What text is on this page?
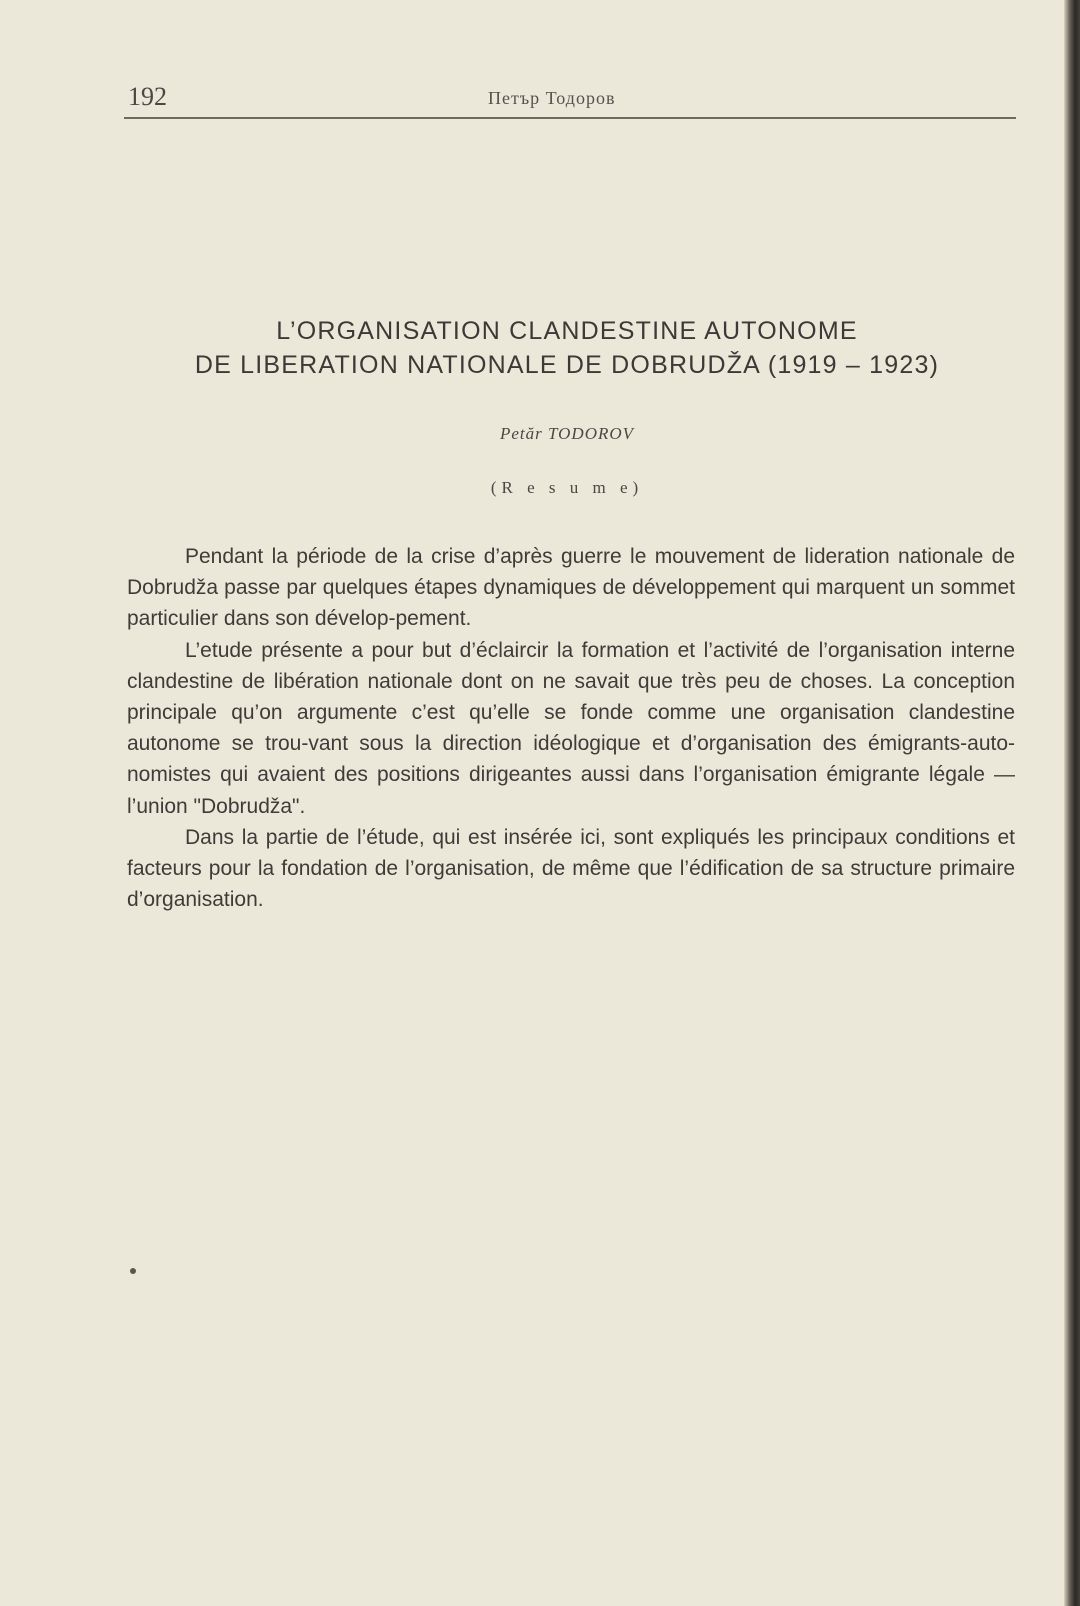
192	Петър Тодоров
L’ORGANISATION CLANDESTINE AUTONOME
DE LIBERATION NATIONALE DE DOBRUDŽA (1919 – 1923)
Petăr TODOROV
(R e s u m e)

Pendant la période de la crise d’après guerre le mouvement de lideration nationale de Dobrudža passe par quelques étapes dynamiques de développement qui marquent un sommet particulier dans son dévelop-pement.

L’etude présente a pour but d’éclaircir la formation et l’activité de l’organisation interne clandestine de libération nationale dont on ne savait que très peu de choses. La conception principale qu’on argumente c’est qu’elle se fonde comme une organisation clandestine autonome se trou-vant sous la direction idéologique et d’organisation des émigrants-auto-nomistes qui avaient des positions dirigeantes aussi dans l’organisation émigrante légale — l’union "Dobrudža".

Dans la partie de l’étude, qui est insérée ici, sont expliqués les principaux conditions et facteurs pour la fondation de l’organisation, de même que l’édification de sa structure primaire d’organisation.
